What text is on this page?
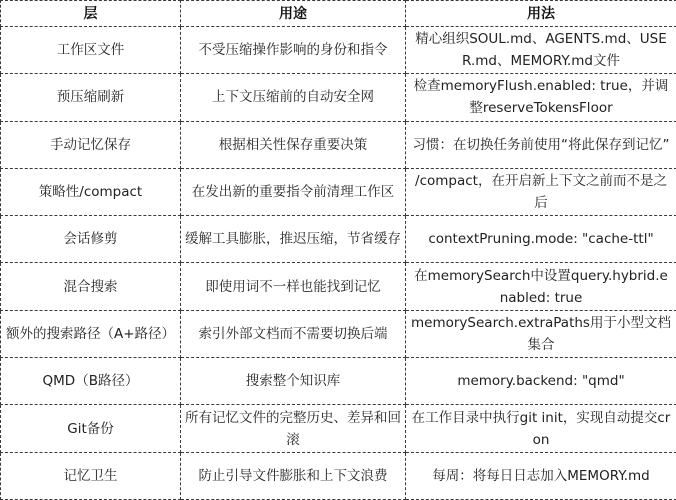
层	用途	用法
工作区文件	不受压缩操作影响的身份和指令	精心组织SOUL.md、AGENTS.md、USER.md、MEMORY.md文件
预压缩刷新	上下文压缩前的自动安全网	检查memoryFlush.enabled: true，并调整reserveTokensFloor
手动记忆保存	根据相关性保存重要决策	习惯：在切换任务前使用“将此保存到记忆”
策略性/compact	在发出新的重要指令前清理工作区	/compact，在开启新上下文之前而不是之后
会话修剪	缓解工具膨胀，推迟压缩，节省缓存	contextPruning.mode: "cache-ttl"
混合搜索	即使用词不一样也能找到记忆	在memorySearch中设置query.hybrid.enabled: true
额外的搜索路径（A+路径）	索引外部文档而不需要切换后端	memorySearch.extraPaths用于小型文档集合
QMD（B路径）	搜索整个知识库	memory.backend: "qmd"
Git备份	所有记忆文件的完整历史、差异和回滚	在工作目录中执行git init，实现自动提交cron
记忆卫生	防止引导文件膨胀和上下文浪费	每周：将每日日志加入MEMORY.md
